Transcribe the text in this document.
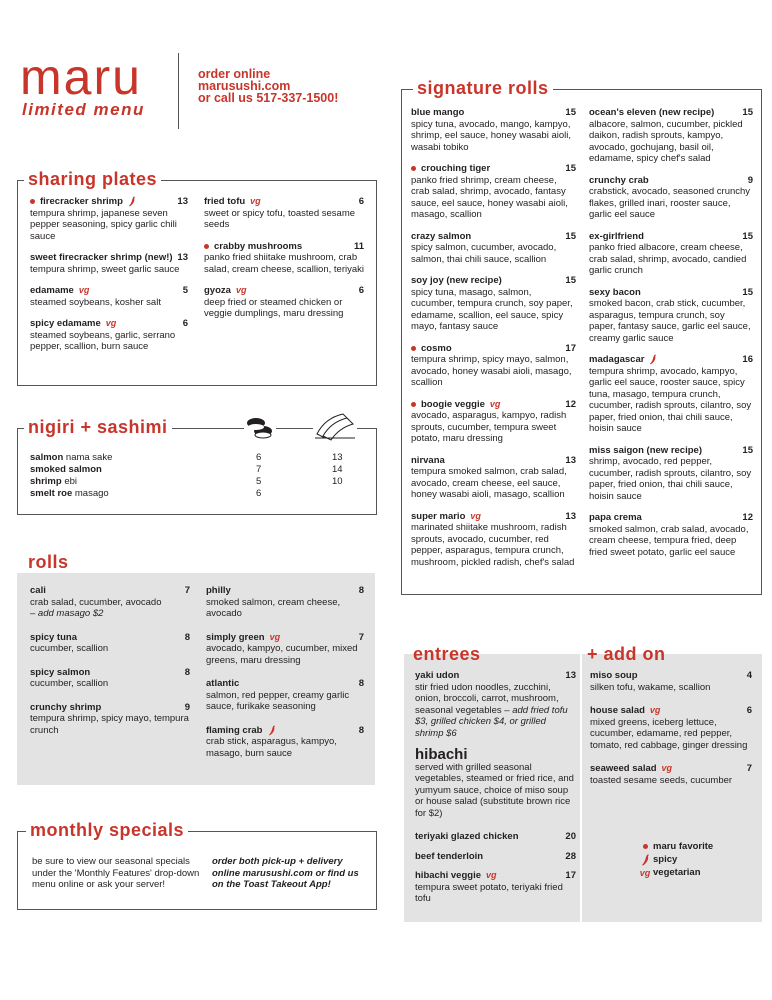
maru
limited menu
order online
marusushi.com
or call us 517-337-1500!
sharing plates
firecracker shrimp	13
tempura shrimp, japanese seven pepper seasoning, spicy garlic chili sauce
sweet firecracker shrimp (new!) 13
tempura shrimp, sweet garlic sauce
edamame vg	5
steamed soybeans, kosher salt
spicy edamame vg	6
steamed soybeans, garlic, serrano pepper, scallion, burn sauce
fried tofu vg	6
sweet or spicy tofu, toasted sesame seeds
crabby mushrooms	11
panko fried shiitake mushroom, crab salad, cream cheese, scallion, teriyaki
gyoza vg	6
deep fried or steamed chicken or veggie dumplings, maru dressing
nigiri + sashimi
salmon nama sake	6	13
smoked salmon	7	14
shrimp ebi	5	10
smelt roe masago	6
rolls
cali	7
crab salad, cucumber, avocado
– add masago $2
spicy tuna	8
cucumber, scallion
spicy salmon	8
cucumber, scallion
crunchy shrimp	9
tempura shrimp, spicy mayo, tempura crunch
philly	8
smoked salmon, cream cheese, avocado
simply green vg	7
avocado, kampyo, cucumber, mixed greens, maru dressing
atlantic	8
salmon, red pepper, creamy garlic sauce, furikake seasoning
flaming crab	8
crab stick, asparagus, kampyo, masago, burn sauce
monthly specials
be sure to view our seasonal specials under the 'Monthly Features' drop-down menu online or ask your server!
order both pick-up + delivery online marusushi.com or find us on the Toast Takeout App!
signature rolls
blue mango	15
spicy tuna, avocado, mango, kampyo, shrimp, eel sauce, honey wasabi aioli, wasabi tobiko
crouching tiger	15
panko fried shrimp, cream cheese, crab salad, shrimp, avocado, fantasy sauce, eel sauce, honey wasabi aioli, masago, scallion
crazy salmon	15
spicy salmon, cucumber, avocado, salmon, thai chili sauce, scallion
soy joy (new recipe)	15
spicy tuna, masago, salmon, cucumber, tempura crunch, soy paper, edamame, scallion, eel sauce, spicy mayo, fantasy sauce
cosmo	17
tempura shrimp, spicy mayo, salmon, avocado, honey wasabi aioli, masago, scallion
boogie veggie vg	12
avocado, asparagus, kampyo, radish sprouts, cucumber, tempura sweet potato, maru dressing
nirvana	13
tempura smoked salmon, crab salad, avocado, cream cheese, eel sauce, honey wasabi aioli, masago, scallion
super mario vg	13
marinated shiitake mushroom, radish sprouts, avocado, cucumber, red pepper, asparagus, tempura crunch, mushroom, pickled radish, chef's salad
ocean's eleven (new recipe)	15
albacore, salmon, cucumber, pickled daikon, radish sprouts, kampyo, avocado, gochujang, basil oil, edamame, spicy chef's salad
crunchy crab	9
crabstick, avocado, seasoned crunchy flakes, grilled inari, rooster sauce, garlic eel sauce
ex-girlfriend	15
panko fried albacore, cream cheese, crab salad, shrimp, avocado, candied garlic crunch
sexy bacon	15
smoked bacon, crab stick, cucumber, asparagus, tempura crunch, soy paper, fantasy sauce, garlic eel sauce, creamy garlic sauce
madagascar	16
tempura shrimp, avocado, kampyo, garlic eel sauce, rooster sauce, spicy tuna, masago, tempura crunch, cucumber, radish sprouts, cilantro, soy paper, fried onion, thai chili sauce, hoisin sauce
miss saigon (new recipe)	15
shrimp, avocado, red pepper, cucumber, radish sprouts, cilantro, soy paper, fried onion, thai chili sauce, hoisin sauce
papa crema	12
smoked salmon, crab salad, avocado, cream cheese, tempura fried, deep fried sweet potato, garlic eel sauce
entrees
yaki udon	13
stir fried udon noodles, zucchini, onion, broccoli, carrot, mushroom, seasonal vegetables – add fried tofu $3, grilled chicken $4, or grilled shrimp $6
hibachi
served with grilled seasonal vegetables, steamed or fried rice, and yumyum sauce, choice of miso soup or house salad (substitute brown rice for $2)
teriyaki glazed chicken	20
beef tenderloin	28
hibachi veggie vg	17
tempura sweet potato, teriyaki fried tofu
+ add on
miso soup	4
silken tofu, wakame, scallion
house salad vg	6
mixed greens, iceberg lettuce, cucumber, edamame, red pepper, tomato, red cabbage, ginger dressing
seaweed salad vg	7
toasted sesame seeds, cucumber
maru favorite
spicy
vg vegetarian
